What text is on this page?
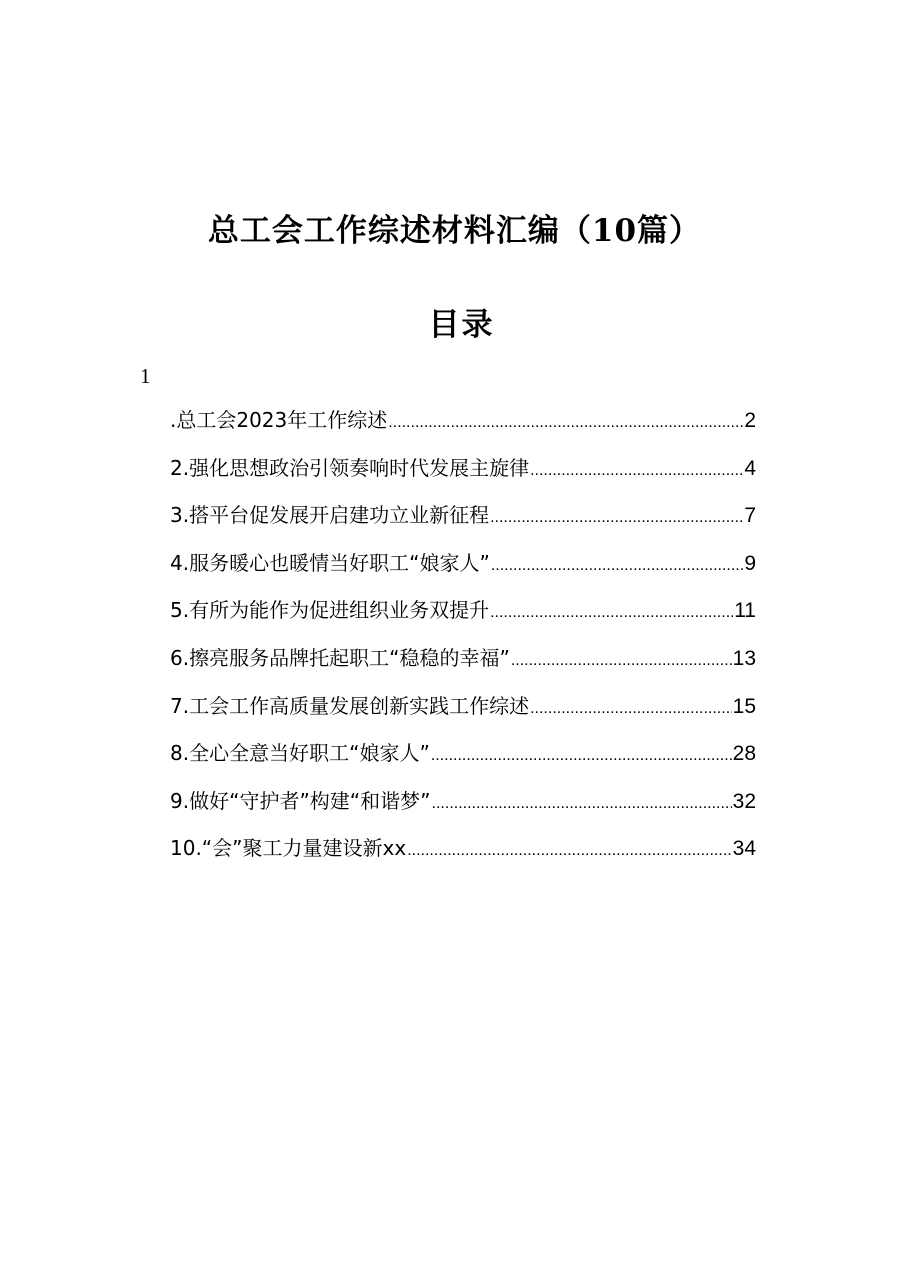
总工会工作综述材料汇编（10篇）
目录
1
.总工会2023年工作综述 .....	2
2.强化思想政治引领奏响时代发展主旋律 .....	4
3.搭平台促发展开启建功立业新征程 .....	7
4.服务暖心也暖情当好职工“娘家人” .....	9
5.有所为能作为促进组织业务双提升 .....	11
6.擦亮服务品牌托起职工“稳稳的幸福” .....	13
7.工会工作高质量发展创新实践工作综述 .....	15
8.全心全意当好职工“娘家人” .....	28
9.做好“守护者”构建“和谐梦” .....	32
10.“会”聚工力量建设新xx .....	34
